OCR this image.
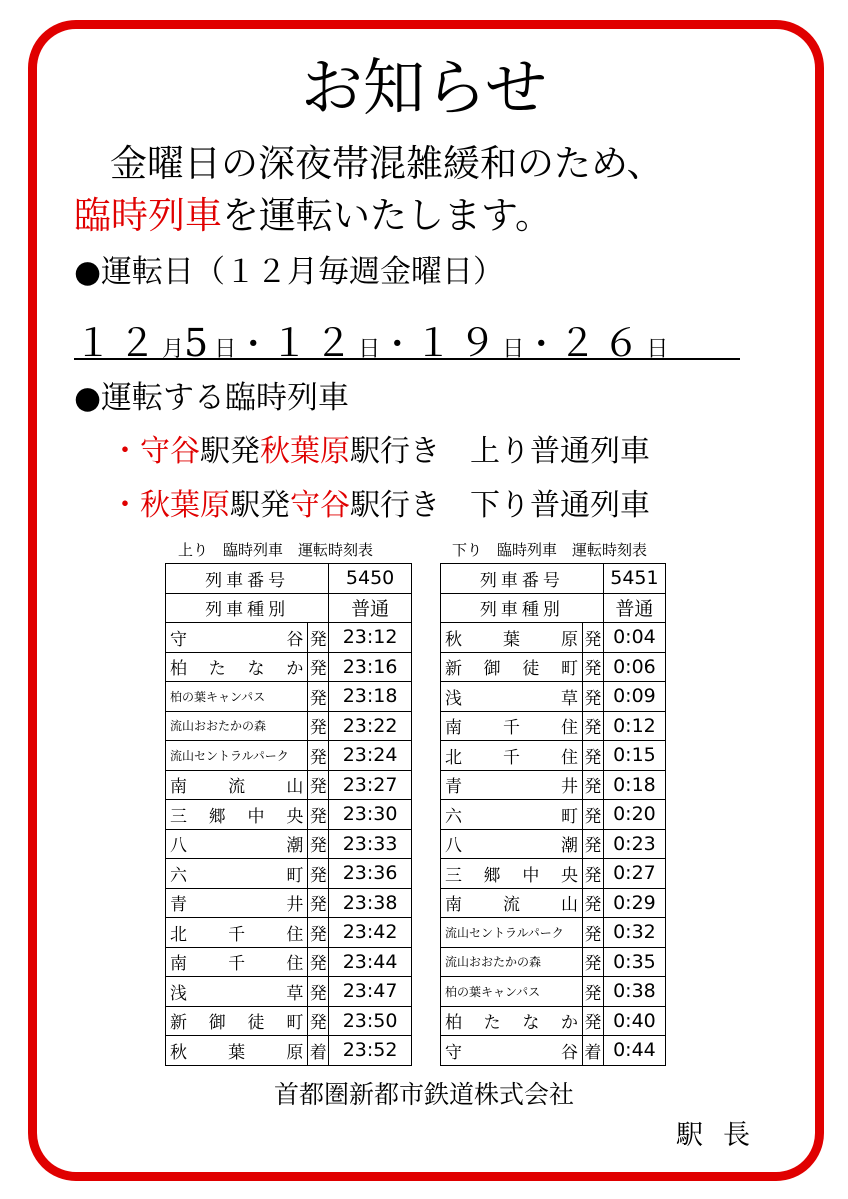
お知らせ
金曜日の深夜帯混雑緩和のため、
臨時列車を運転いたします。
●運転日（１２月毎週金曜日）
１２月5日・１２日・１９日・２６日
●運転する臨時列車
・守谷駅発秋葉原駅行き　上り普通列車
・秋葉原駅発守谷駅行き　下り普通列車
上り　臨時列車　運転時刻表	下り　臨時列車　運転時刻表
列車番号		5450
列車種別		普通
守谷	発	23:12
柏たなか	発	23:16
柏の葉キャンパス	発	23:18
流山おおたかの森	発	23:22
流山セントラルパーク	発	23:24
南流山	発	23:27
三郷中央	発	23:30
八潮	発	23:33
六町	発	23:36
青井	発	23:38
北千住	発	23:42
南千住	発	23:44
浅草	発	23:47
新御徒町	発	23:50
秋葉原	着	23:52
列車番号		5451
列車種別		普通
秋葉原	発	0:04
新御徒町	発	0:06
浅草	発	0:09
南千住	発	0:12
北千住	発	0:15
青井	発	0:18
六町	発	0:20
八潮	発	0:23
三郷中央	発	0:27
南流山	発	0:29
流山セントラルパーク	発	0:32
流山おおたかの森	発	0:35
柏の葉キャンパス	発	0:38
柏たなか	発	0:40
守谷	着	0:44
首都圏新都市鉄道株式会社
駅長
